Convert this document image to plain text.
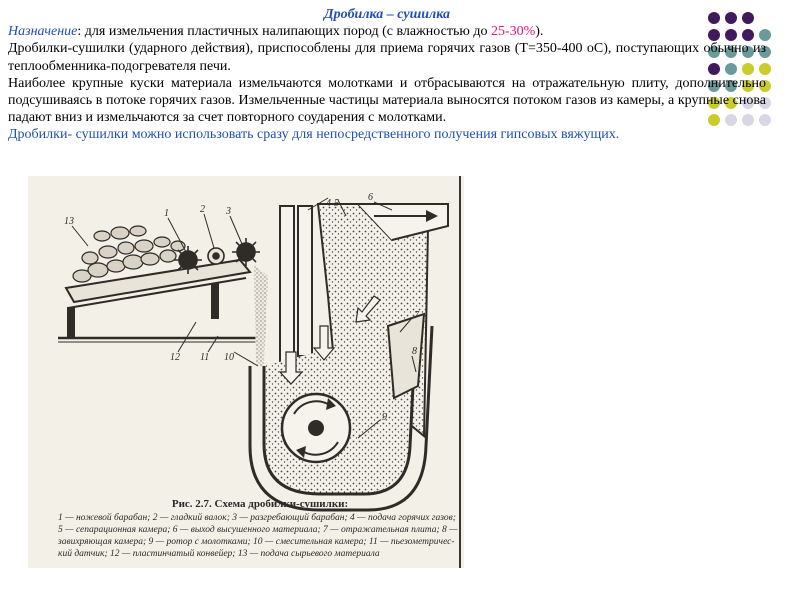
Дробилка – сушилка

Назначение: для измельчения пластичных налипающих пород (с влажностью до 25-30%).

Дробилки-сушилки (ударного действия), приспособлены для приема горячих газов (Т=350-400 оС), поступающих обычно из теплообменника-подогревателя печи.

Наиболее крупные куски материала измельчаются молотками и отбрасываются на отражательную плиту, дополнительно подсушиваясь в потоке горячих газов. Измельченные частицы материала выносятся потоком газов из камеры, а крупные снова падают вниз и измельчаются за счет повторного соударения с молотками.

Дробилки- сушилки можно использовать сразу для непосредственного получения гипсовых вяжущих.

1	2 3
4 5
6
7
8
9
10
11
12
13
Рис. 2.7. Схема дробилки-сушилки:
1 — ножевой барабан; 2 — гладкий валок; 3 — разгребающий барабан; 4 — подача горячих газов;
5 — сепарационная камера; 6 — выход высушенного материала; 7 — отражательная плита; 8 —
завихряющая камера; 9 — ротор с молотками; 10 — смесительная камера; 11 — пьезометричес-
кий датчик; 12 — пластинчатый конвейер; 13 — подача сырьевого материала
